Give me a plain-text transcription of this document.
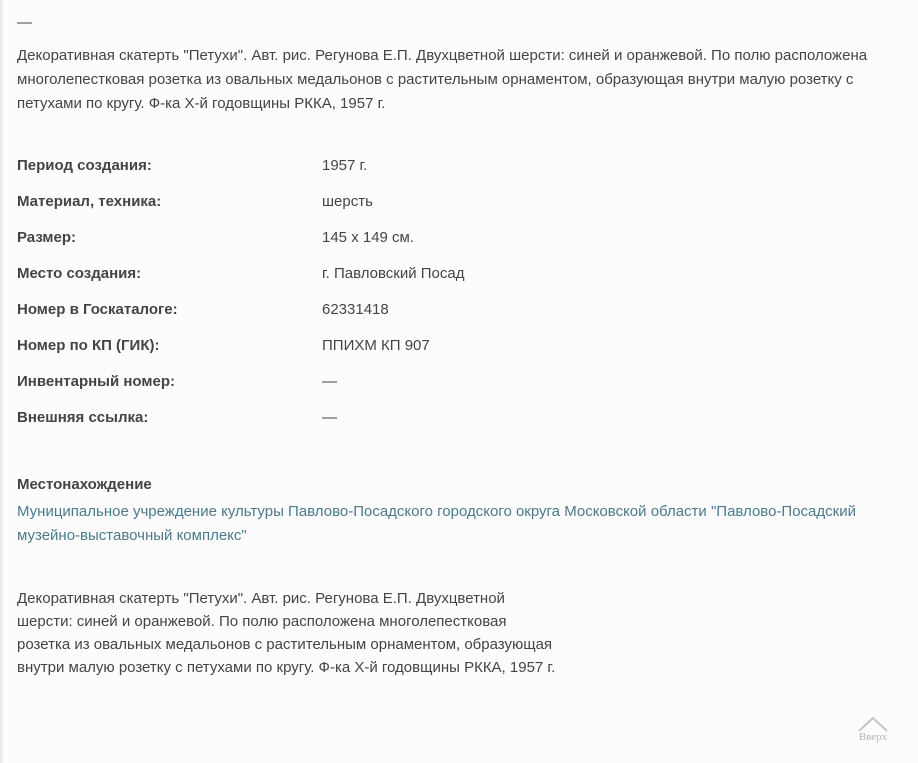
—
Декоративная скатерть "Петухи". Авт. рис. Регунова Е.П. Двухцветной шерсти: синей и оранжевой. По полю расположена многолепестковая розетка из овальных медальонов с растительным орнаментом, образующая внутри малую розетку с петухами по кругу. Ф-ка Х-й годовщины РККА, 1957 г.
Период создания:	1957 г.
Материал, техника:	шерсть
Размер:	145 х 149 см.
Место создания:	г. Павловский Посад
Номер в Госкаталоге:	62331418
Номер по КП (ГИК):	ППИХМ КП 907
Инвентарный номер:	—
Внешняя ссылка:	—
Местонахождение
Муниципальное учреждение культуры Павлово-Посадского городского округа Московской области "Павлово-Посадский музейно-выставочный комплекс"
Декоративная скатерть "Петухи". Авт. рис. Регунова Е.П. Двухцветной шерсти: синей и оранжевой. По полю расположена многолепестковая розетка из овальных медальонов с растительным орнаментом, образующая внутри малую розетку с петухами по кругу. Ф-ка Х-й годовщины РККА, 1957 г.
Вверх
